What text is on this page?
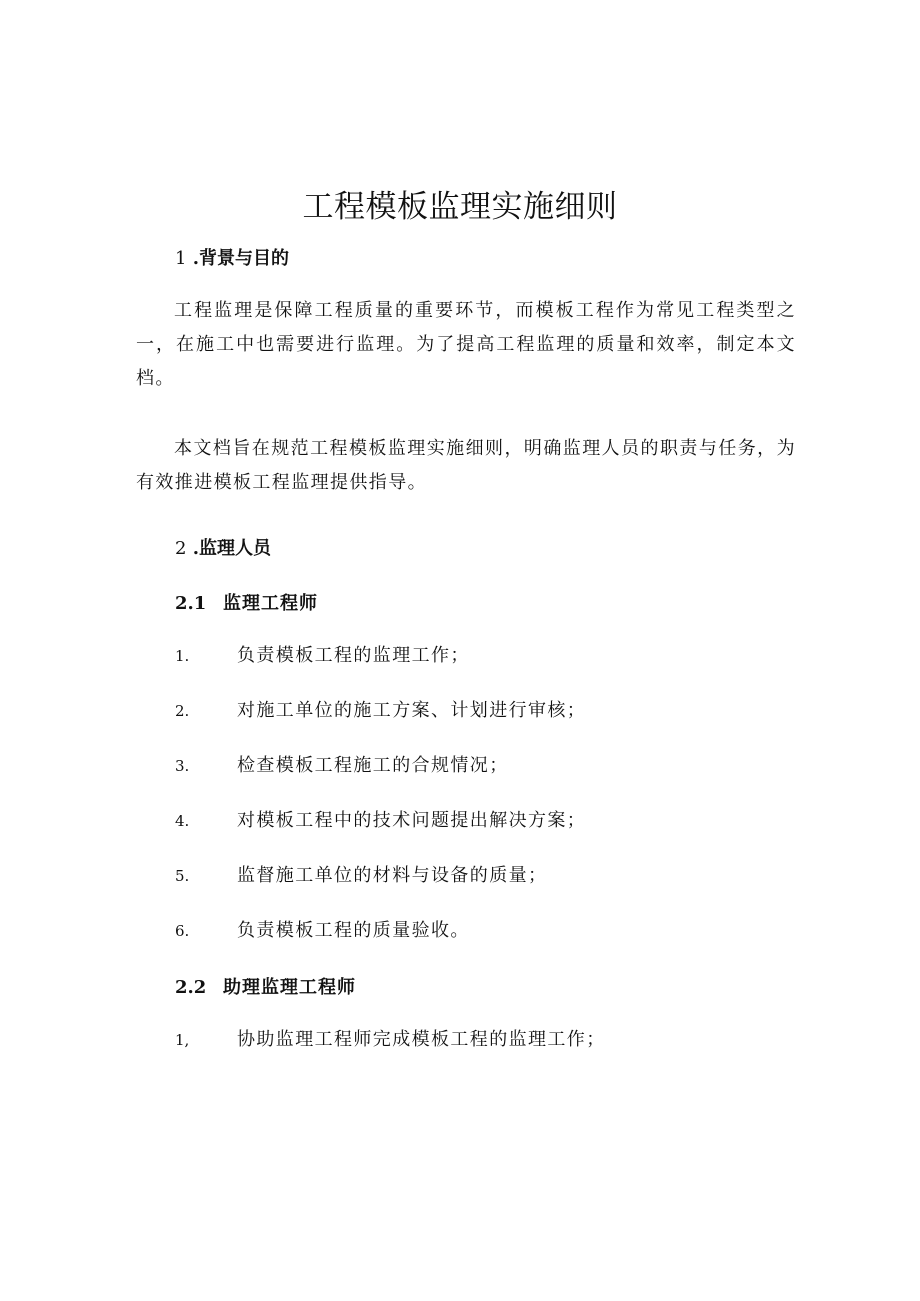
工程模板监理实施细则
1 .背景与目的

工程监理是保障工程质量的重要环节，而模板工程作为常见工程类型之一，在施工中也需要进行监理。为了提高工程监理的质量和效率，制定本文档。

本文档旨在规范工程模板监理实施细则，明确监理人员的职责与任务，为有效推进模板工程监理提供指导。

2 .监理人员
2.1 监理工程师
1.	负责模板工程的监理工作；
2.	对施工单位的施工方案、计划进行审核；
3.	检查模板工程施工的合规情况；
4.	对模板工程中的技术问题提出解决方案；
5.	监督施工单位的材料与设备的质量；
6.	负责模板工程的质量验收。
2.2 助理监理工程师
1,	协助监理工程师完成模板工程的监理工作；
